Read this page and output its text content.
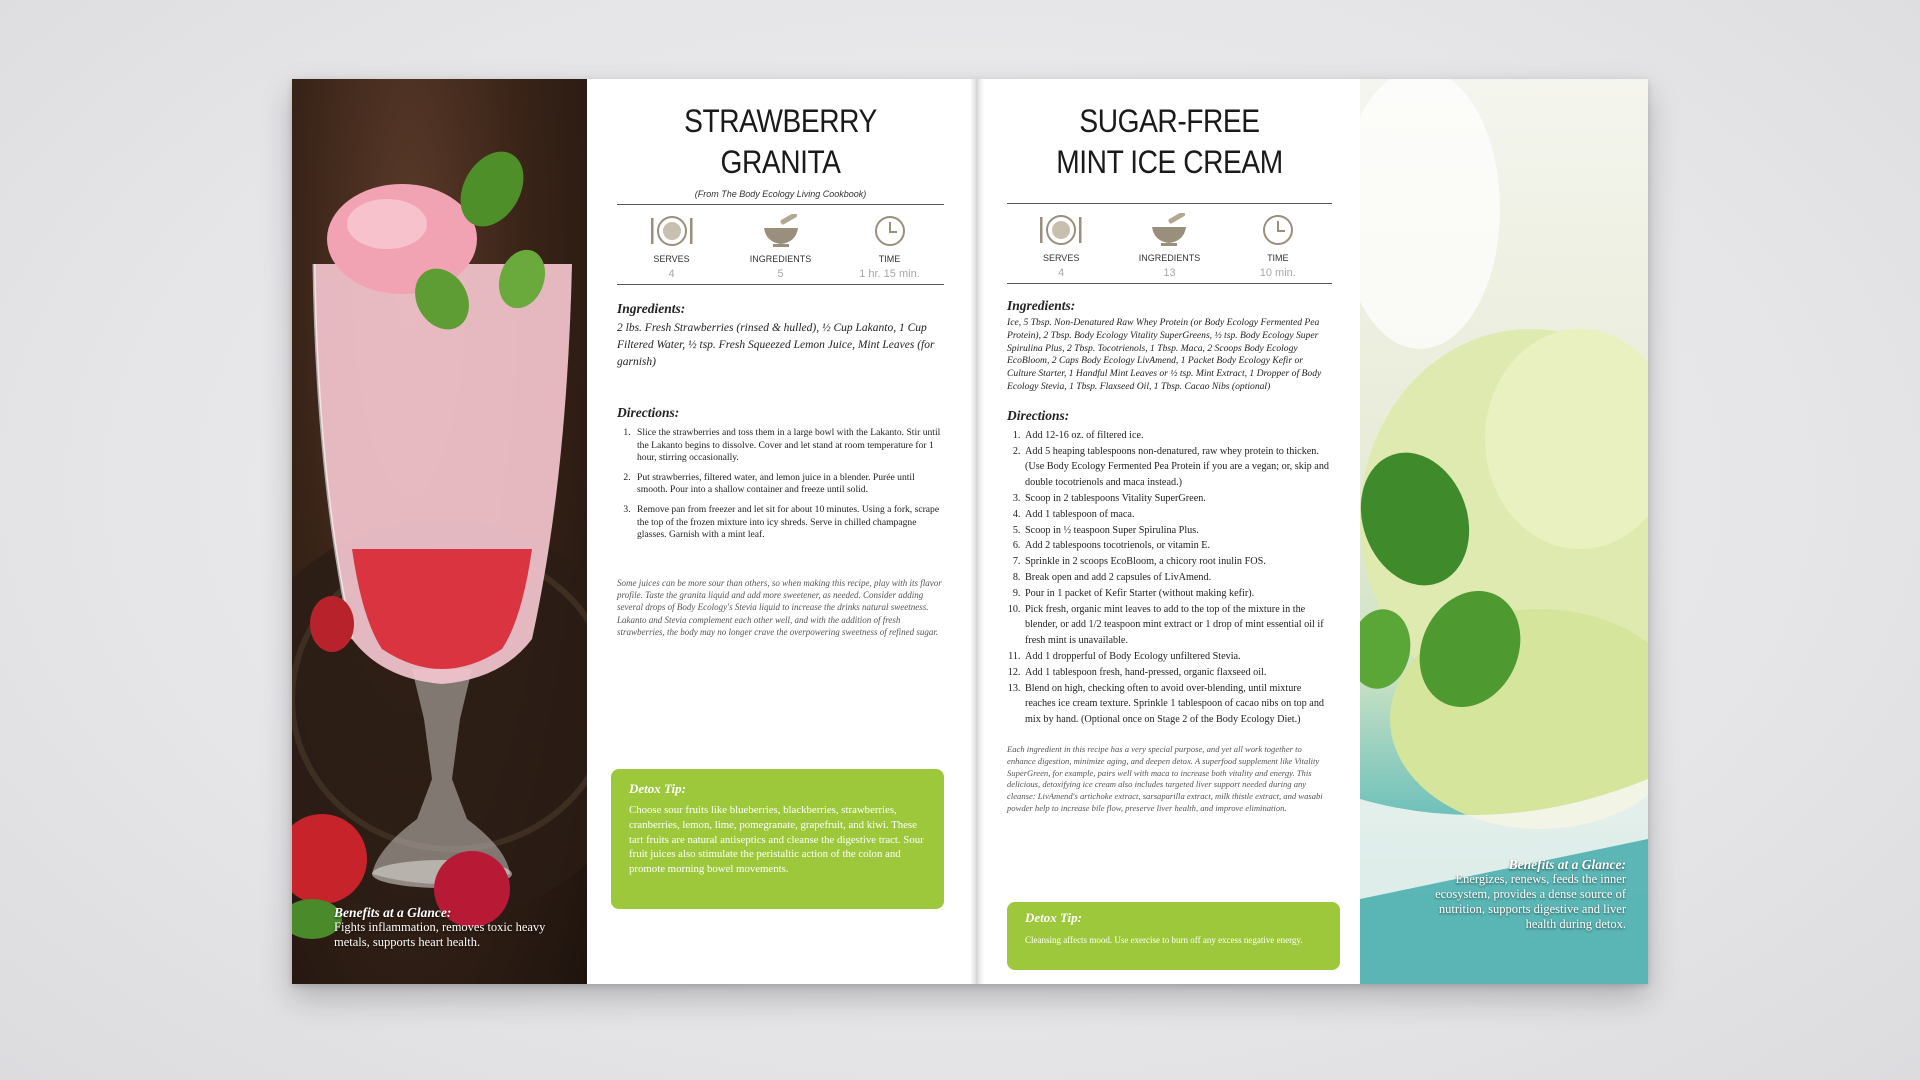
Benefits at a Glance:
Fights inflammation, removes toxic heavy metals, supports heart health.
STRAWBERRY
GRANITA
(From The Body Ecology Living Cookbook)
SERVES
4
INGREDIENTS
5
TIME
1 hr. 15 min.
Ingredients:
2 lbs. Fresh Strawberries (rinsed & hulled), ½ Cup Lakanto, 1 Cup Filtered Water, ½ tsp. Fresh Squeezed Lemon Juice, Mint Leaves (for garnish)
Directions:
1. Slice the strawberries and toss them in a large bowl with the Lakanto. Stir until the Lakanto begins to dissolve. Cover and let stand at room temperature for 1 hour, stirring occasionally.
2. Put strawberries, filtered water, and lemon juice in a blender. Purée until smooth. Pour into a shallow container and freeze until solid.
3. Remove pan from freezer and let sit for about 10 minutes. Using a fork, scrape the top of the frozen mixture into icy shreds. Serve in chilled champagne glasses. Garnish with a mint leaf.
Some juices can be more sour than others, so when making this recipe, play with its flavor profile. Taste the granita liquid and add more sweetener, as needed. Consider adding several drops of Body Ecology's Stevia liquid to increase the drinks natural sweetness. Lakanto and Stevia complement each other well, and with the addition of fresh strawberries, the body may no longer crave the overpowering sweetness of refined sugar.
Detox Tip:
Choose sour fruits like blueberries, blackberries, strawberries, cranberries, lemon, lime, pomegranate, grapefruit, and kiwi. These tart fruits are natural antiseptics and cleanse the digestive tract. Sour fruit juices also stimulate the peristaltic action of the colon and promote morning bowel movements.
SUGAR-FREE
MINT ICE CREAM
SERVES
4
INGREDIENTS
13
TIME
10 min.
Ingredients:
Ice, 5 Tbsp. Non-Denatured Raw Whey Protein (or Body Ecology Fermented Pea Protein), 2 Tbsp. Body Ecology Vitality SuperGreens, ½ tsp. Body Ecology Super Spirulina Plus, 2 Tbsp. Tocotrienols, 1 Tbsp. Maca, 2 Scoops Body Ecology EcoBloom, 2 Caps Body Ecology LivAmend, 1 Packet Body Ecology Kefir or Culture Starter, 1 Handful Mint Leaves or ½ tsp. Mint Extract, 1 Dropper of Body Ecology Stevia, 1 Tbsp. Flaxseed Oil, 1 Tbsp. Cacao Nibs (optional)
Directions:
1. Add 12-16 oz. of filtered ice.
2. Add 5 heaping tablespoons non-denatured, raw whey protein to thicken. (Use Body Ecology Fermented Pea Protein if you are a vegan; or, skip and double tocotrienols and maca instead.)
3. Scoop in 2 tablespoons Vitality SuperGreen.
4. Add 1 tablespoon of maca.
5. Scoop in ½ teaspoon Super Spirulina Plus.
6. Add 2 tablespoons tocotrienols, or vitamin E.
7. Sprinkle in 2 scoops EcoBloom, a chicory root inulin FOS.
8. Break open and add 2 capsules of LivAmend.
9. Pour in 1 packet of Kefir Starter (without making kefir).
10. Pick fresh, organic mint leaves to add to the top of the mixture in the blender, or add 1/2 teaspoon mint extract or 1 drop of mint essential oil if fresh mint is unavailable.
11. Add 1 dropperful of Body Ecology unfiltered Stevia.
12. Add 1 tablespoon fresh, hand-pressed, organic flaxseed oil.
13. Blend on high, checking often to avoid over-blending, until mixture reaches ice cream texture. Sprinkle 1 tablespoon of cacao nibs on top and mix by hand. (Optional once on Stage 2 of the Body Ecology Diet.)
Each ingredient in this recipe has a very special purpose, and yet all work together to enhance digestion, minimize aging, and deepen detox. A superfood supplement like Vitality SuperGreen, for example, pairs well with maca to increase both vitality and energy. This delicious, detoxifying ice cream also includes targeted liver support needed during any cleanse: LivAmend's artichoke extract, sarsaparilla extract, milk thistle extract, and wasabi powder help to increase bile flow, preserve liver health, and improve elimination.
Detox Tip:
Cleansing affects mood. Use exercise to burn off any excess negative energy.
Benefits at a Glance:
Energizes, renews, feeds the inner ecosystem, provides a dense source of nutrition, supports digestive and liver health during detox.
